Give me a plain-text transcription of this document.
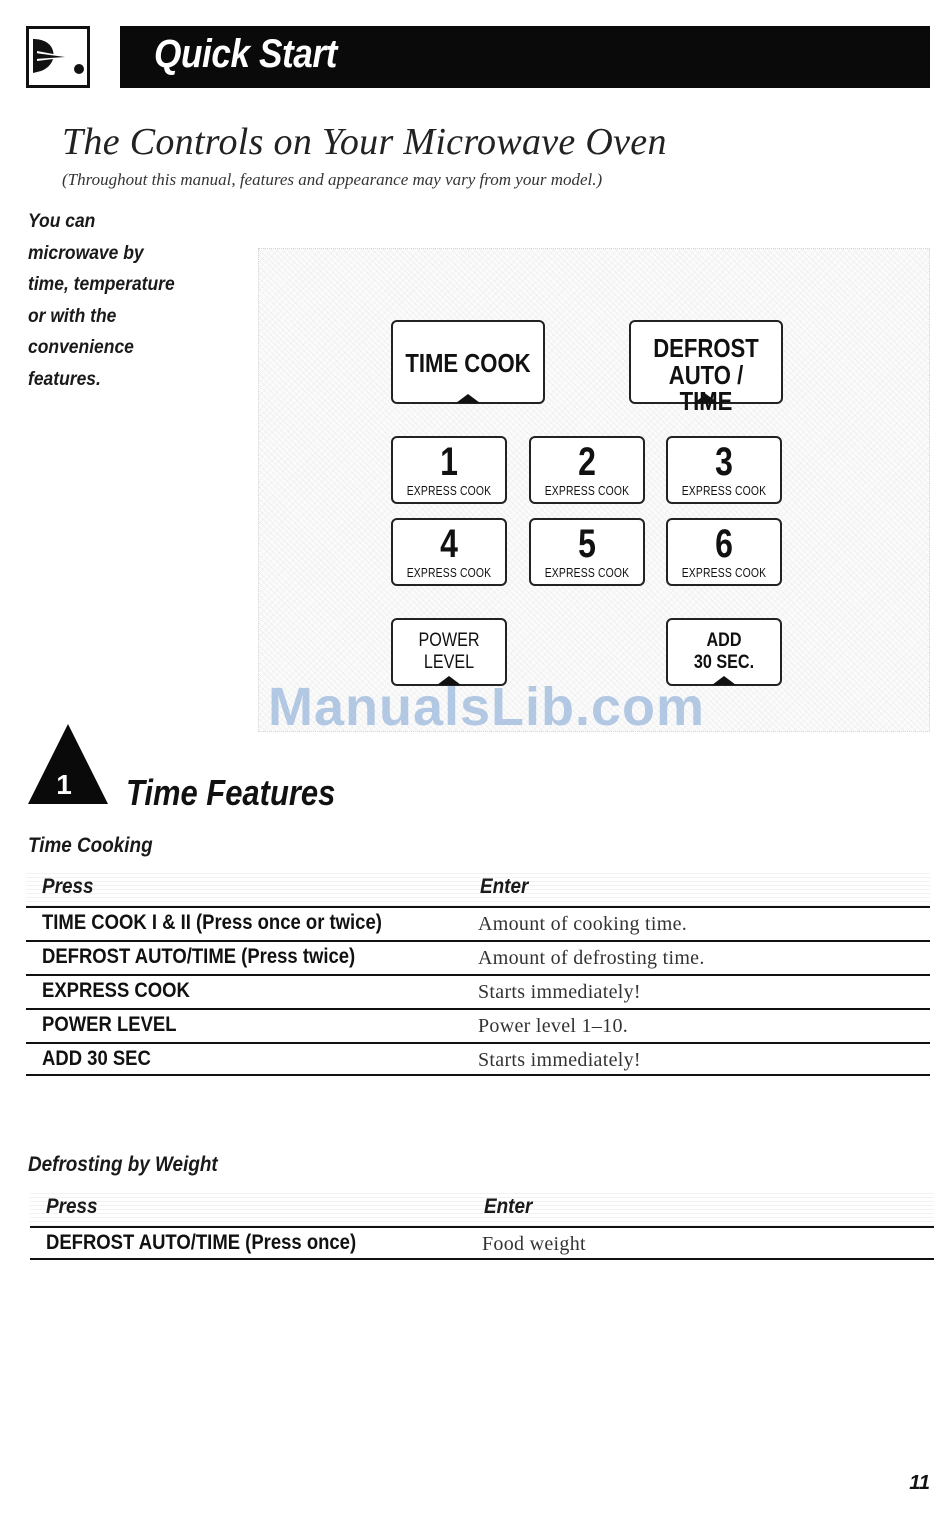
Quick Start
The Controls on Your Microwave Oven
(Throughout this manual, features and appearance may vary from your model.)
You can
microwave by
time, temperature
or with the
convenience
features.
TIME COOK	DEFROST
AUTO / TIME
1
EXPRESS COOK
2
EXPRESS COOK
3
EXPRESS COOK
4
EXPRESS COOK
5
EXPRESS COOK
6
EXPRESS COOK
POWER
LEVEL
ADD
30 SEC.
ManualsLib.com
1 Time Features
Time Cooking
Press	Enter
TIME COOK I & II (Press once or twice)	Amount of cooking time.
DEFROST AUTO/TIME (Press twice)	Amount of defrosting time.
EXPRESS COOK	Starts immediately!
POWER LEVEL	Power level 1–10.
ADD 30 SEC	Starts immediately!
Defrosting by Weight
Press	Enter
DEFROST AUTO/TIME (Press once)	Food weight
11
